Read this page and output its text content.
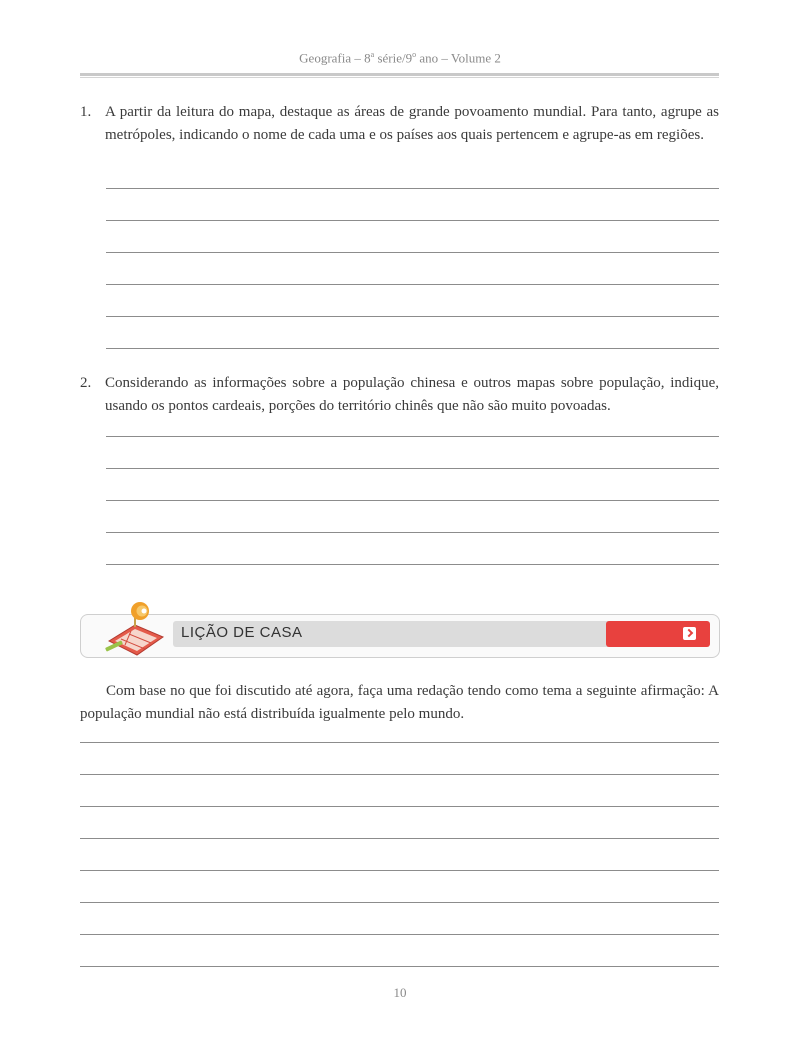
Geografia – 8$^a$ série/9$^o$ ano – Volume 2
1. A partir da leitura do mapa, destaque as áreas de grande povoamento mundial. Para tanto, agrupe as metrópoles, indicando o nome de cada uma e os países aos quais pertencem e agrupe-as em regiões.
2. Considerando as informações sobre a população chinesa e outros mapas sobre população, indique, usando os pontos cardeais, porções do território chinês que não são muito povoadas.
LIÇÃO DE CASA
Com base no que foi discutido até agora, faça uma redação tendo como tema a seguinte afirmação: A população mundial não está distribuída igualmente pelo mundo.
10
